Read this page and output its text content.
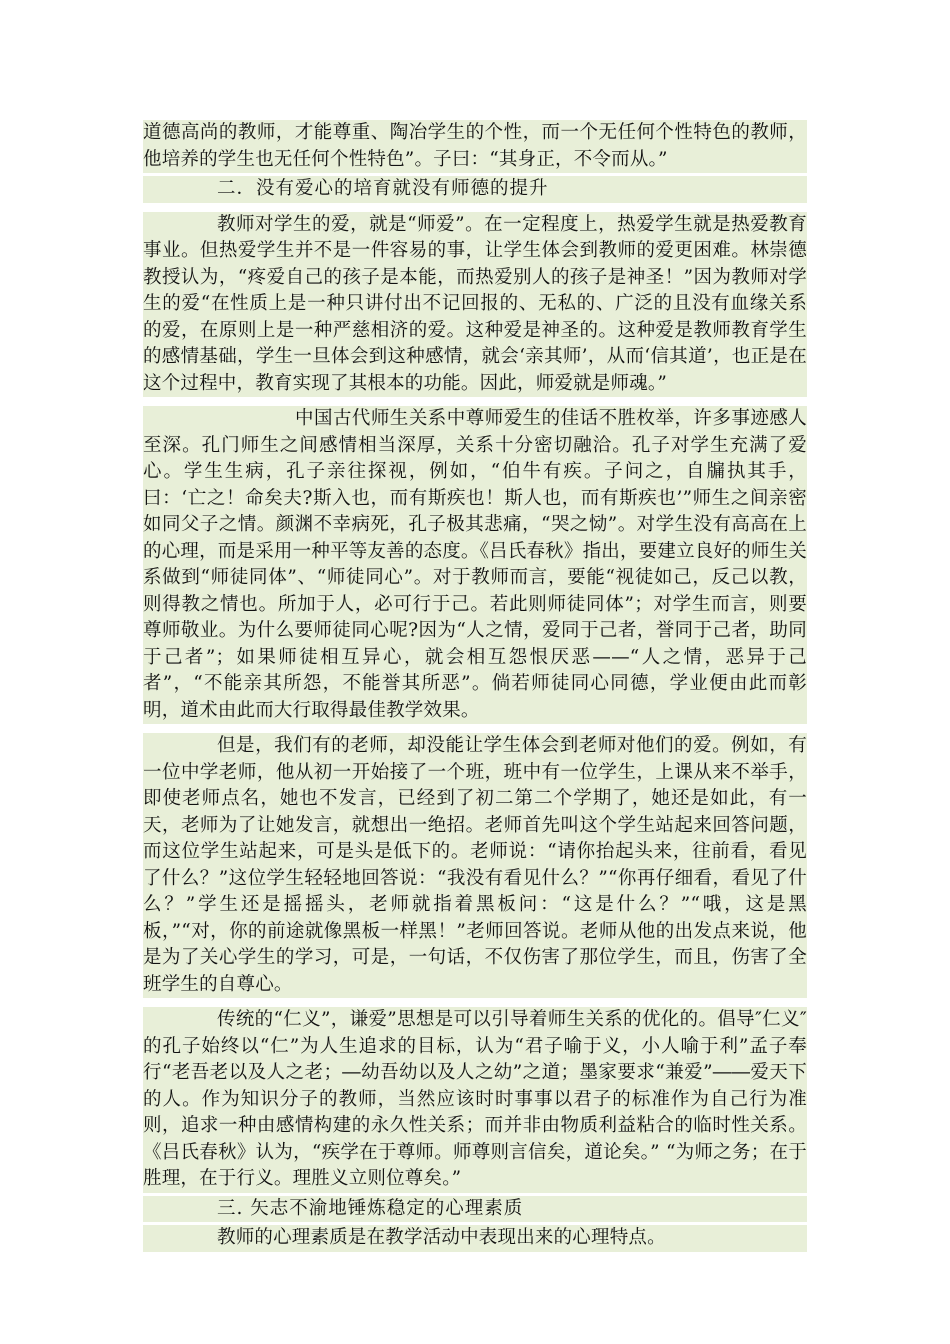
道德高尚的教师，才能尊重、陶冶学生的个性，而一个无任何个性特色的教师，他培养的学生也无任何个性特色”。子曰：“其身正，不令而从。”

二．没有爱心的培育就没有师德的提升

教师对学生的爱，就是“师爱”。在一定程度上，热爱学生就是热爱教育事业。但热爱学生并不是一件容易的事，让学生体会到教师的爱更困难。林崇德教授认为，“疼爱自己的孩子是本能，而热爱别人的孩子是神圣！”因为教师对学生的爱“在性质上是一种只讲付出不记回报的、无私的、广泛的且没有血缘关系的爱，在原则上是一种严慈相济的爱。这种爱是神圣的。这种爱是教师教育学生的感情基础，学生一旦体会到这种感情，就会‘亲其师’，从而‘信其道’，也正是在这个过程中，教育实现了其根本的功能。因此，师爱就是师魂。”

中国古代师生关系中尊师爱生的佳话不胜枚举，许多事迹感人至深。孔门师生之间感情相当深厚，关系十分密切融洽。孔子对学生充满了爱心。学生生病，孔子亲往探视，例如，“伯牛有疾。子问之，自牖执其手，曰：‘亡之！命矣夫?斯入也，而有斯疾也！斯人也，而有斯疾也’”师生之间亲密如同父子之情。颜渊不幸病死，孔子极其悲痛，“哭之恸”。对学生没有高高在上的心理，而是采用一种平等友善的态度。《吕氏春秋》指出，要建立良好的师生关系做到“师徒同体”、“师徒同心”。对于教师而言，要能“视徒如己，反己以教，则得教之情也。所加于人，必可行于己。若此则师徒同体”；对学生而言，则要尊师敬业。为什么要师徒同心呢?因为“人之情，爱同于己者，誉同于己者，助同于己者”；如果师徒相互异心，就会相互怨恨厌恶——“人之情，恶异于己者”，“不能亲其所怨，不能誉其所恶”。倘若师徒同心同德，学业便由此而彰明，道术由此而大行取得最佳教学效果。

但是，我们有的老师，却没能让学生体会到老师对他们的爱。例如，有一位中学老师，他从初一开始接了一个班，班中有一位学生，上课从来不举手，即使老师点名，她也不发言，已经到了初二第二个学期了，她还是如此，有一天，老师为了让她发言，就想出一绝招。老师首先叫这个学生站起来回答问题，而这位学生站起来，可是头是低下的。老师说：“请你抬起头来，往前看，看见了什么？”这位学生轻轻地回答说：“我没有看见什么？”“你再仔细看，看见了什么？”学生还是摇摇头，老师就指着黑板问：“这是什么？”“哦，这是黑板，”“对，你的前途就像黑板一样黑！”老师回答说。老师从他的出发点来说，他是为了关心学生的学习，可是，一句话，不仅伤害了那位学生，而且，伤害了全班学生的自尊心。

传统的“仁义”，谦爱”思想是可以引导着师生关系的优化的。倡导″仁义″的孔子始终以“仁”为人生追求的目标，认为“君子喻于义，小人喻于利”孟子奉行“老吾老以及人之老；―幼吾幼以及人之幼”之道；墨家要求“兼爱”――爱天下的人。作为知识分子的教师，当然应该时时事事以君子的标准作为自己行为准则，追求一种由感情构建的永久性关系；而并非由物质利益粘合的临时性关系。《吕氏春秋》认为，“疾学在于尊师。师尊则言信矣，道论矣。” “为师之务；在于胜理，在于行义。理胜义立则位尊矣。”

三. 矢志不渝地锤炼稳定的心理素质

教师的心理素质是在教学活动中表现出来的心理特点。
